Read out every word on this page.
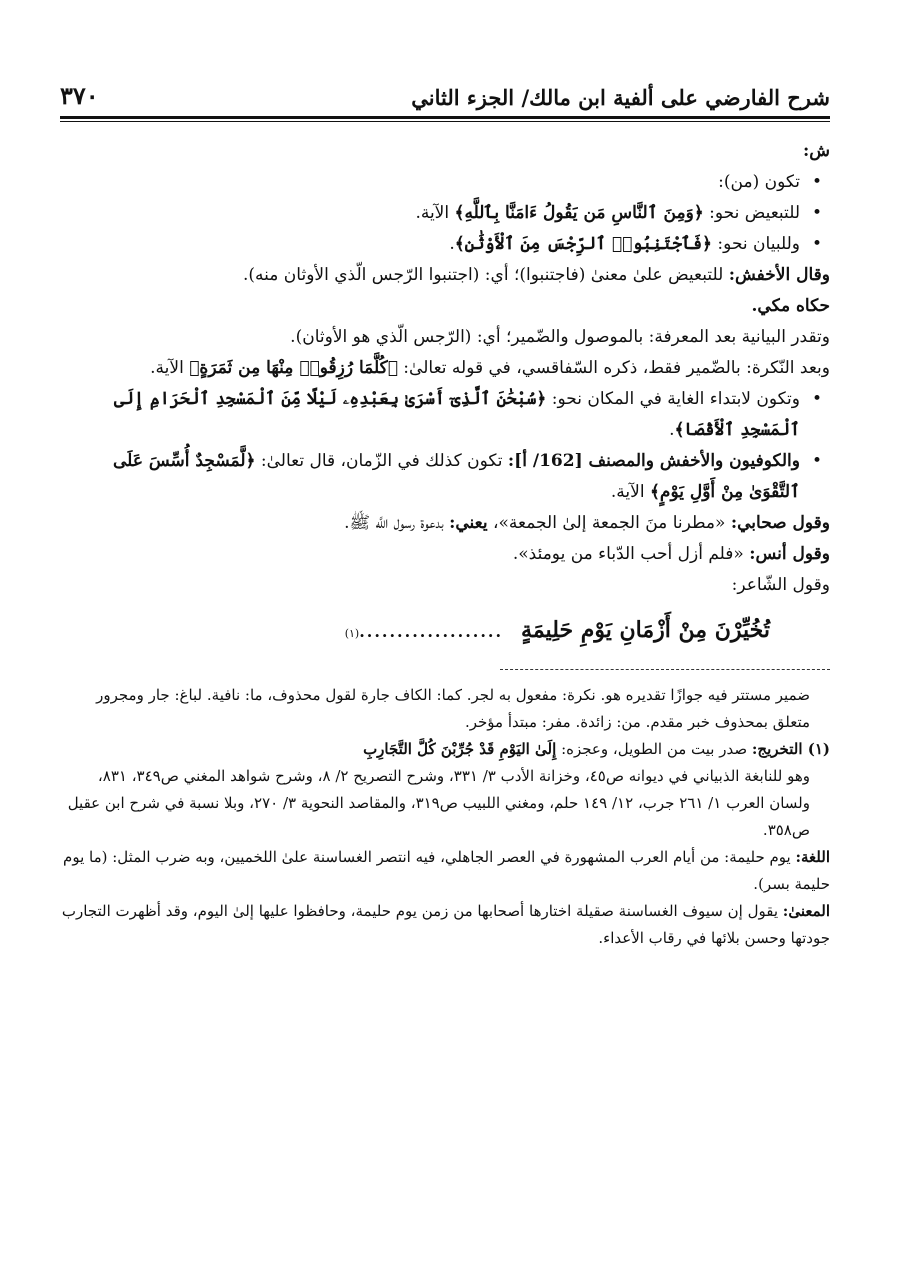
شرح الفارضي على ألفية ابن مالك/ الجزء الثاني
٣٧٠

ش:

• تكون (من):

• للتبعيض نحو: ﴿وَمِنَ ٱلنَّاسِ مَن يَقُولُ ءَامَنَّا بِٱللَّهِ﴾ الآية.

• وللبيان نحو: ﴿فَٱجْتَنِبُوا۟ ٱلرِّجْسَ مِنَ ٱلْأَوْثَٰنِ﴾.

وقال الأخفش: للتبعيض علىٰ معنىٰ (فاجتنبوا)؛ أي: (اجتنبوا الرّجس الّذي الأوثان منه).

حكاه مكي.

وتقدر البيانية بعد المعرفة: بالموصول والضّمير؛ أي: (الرّجس الّذي هو الأوثان).

وبعد النّكرة: بالضّمير فقط، ذكره السّفاقسي، في قوله تعالىٰ: ﴿كُلَّمَا رُزِقُوا۟ مِنْهَا مِن ثَمَرَةٍ﴾ الآية.

• وتكون لابتداء الغاية في المكان نحو: ﴿سُبْحَٰنَ ٱلَّذِىٓ أَسْرَىٰ بِعَبْدِهِۦ لَيْلًا مِّنَ ٱلْمَسْجِدِ ٱلْحَرَامِ إِلَى ٱلْمَسْجِدِ ٱلْأَقْصَا﴾.

• والكوفيون والأخفش والمصنف [162/ أ]: تكون كذلك في الزّمان، قال تعالىٰ: ﴿لَّمَسْجِدٌ أُسِّسَ عَلَى ٱلتَّقْوَىٰ مِنْ أَوَّلِ يَوْمٍ﴾ الآية.

وقول صحابي: «مطرنا منَ الجمعة إلىٰ الجمعة»، يعني: بدعوة رسول اللَّه ﷺ.

وقول أنس: «فلم أزل أحب الدّباء من يومئذ».

وقول الشّاعر:

تُخُيِّرْنَ مِنْ أَزْمَانِ يَوْمِ حَلِيمَةٍ
...................
(١)

ضمير مستتر فيه جوازًا تقديره هو. نكرة: مفعول به لجر. كما: الكاف جارة لقول محذوف، ما: نافية. لباغ: جار ومجرور متعلق بمحذوف خبر مقدم. من: زائدة. مفر: مبتدأ مؤخر.

(١) التخريج: صدر بيت من الطويل، وعجزه: إِلَىٰ اليَوْمِ قَدْ جُرِّبْنَ كُلَّ التَّجَارِبِ

وهو للنابغة الذبياني في ديوانه ص٤٥، وخزانة الأدب ٣/ ٣٣١، وشرح التصريح ٢/ ٨، وشرح شواهد المغني ص٣٤٩، ٨٣١، ولسان العرب ١/ ٢٦١ جرب، ١٢/ ١٤٩ حلم، ومغني اللبيب ص٣١٩، والمقاصد النحوية ٣/ ٢٧٠، وبلا نسبة في شرح ابن عقيل ص٣٥٨.

اللغة: يوم حليمة: من أيام العرب المشهورة في العصر الجاهلي، فيه انتصر الغساسنة علىٰ اللخميين، وبه ضرب المثل: (ما يوم حليمة بسر).

المعنىٰ: يقول إن سيوف الغساسنة صقيلة اختارها أصحابها من زمن يوم حليمة، وحافظوا عليها إلىٰ اليوم، وقد أظهرت التجارب جودتها وحسن بلائها في رقاب الأعداء.
